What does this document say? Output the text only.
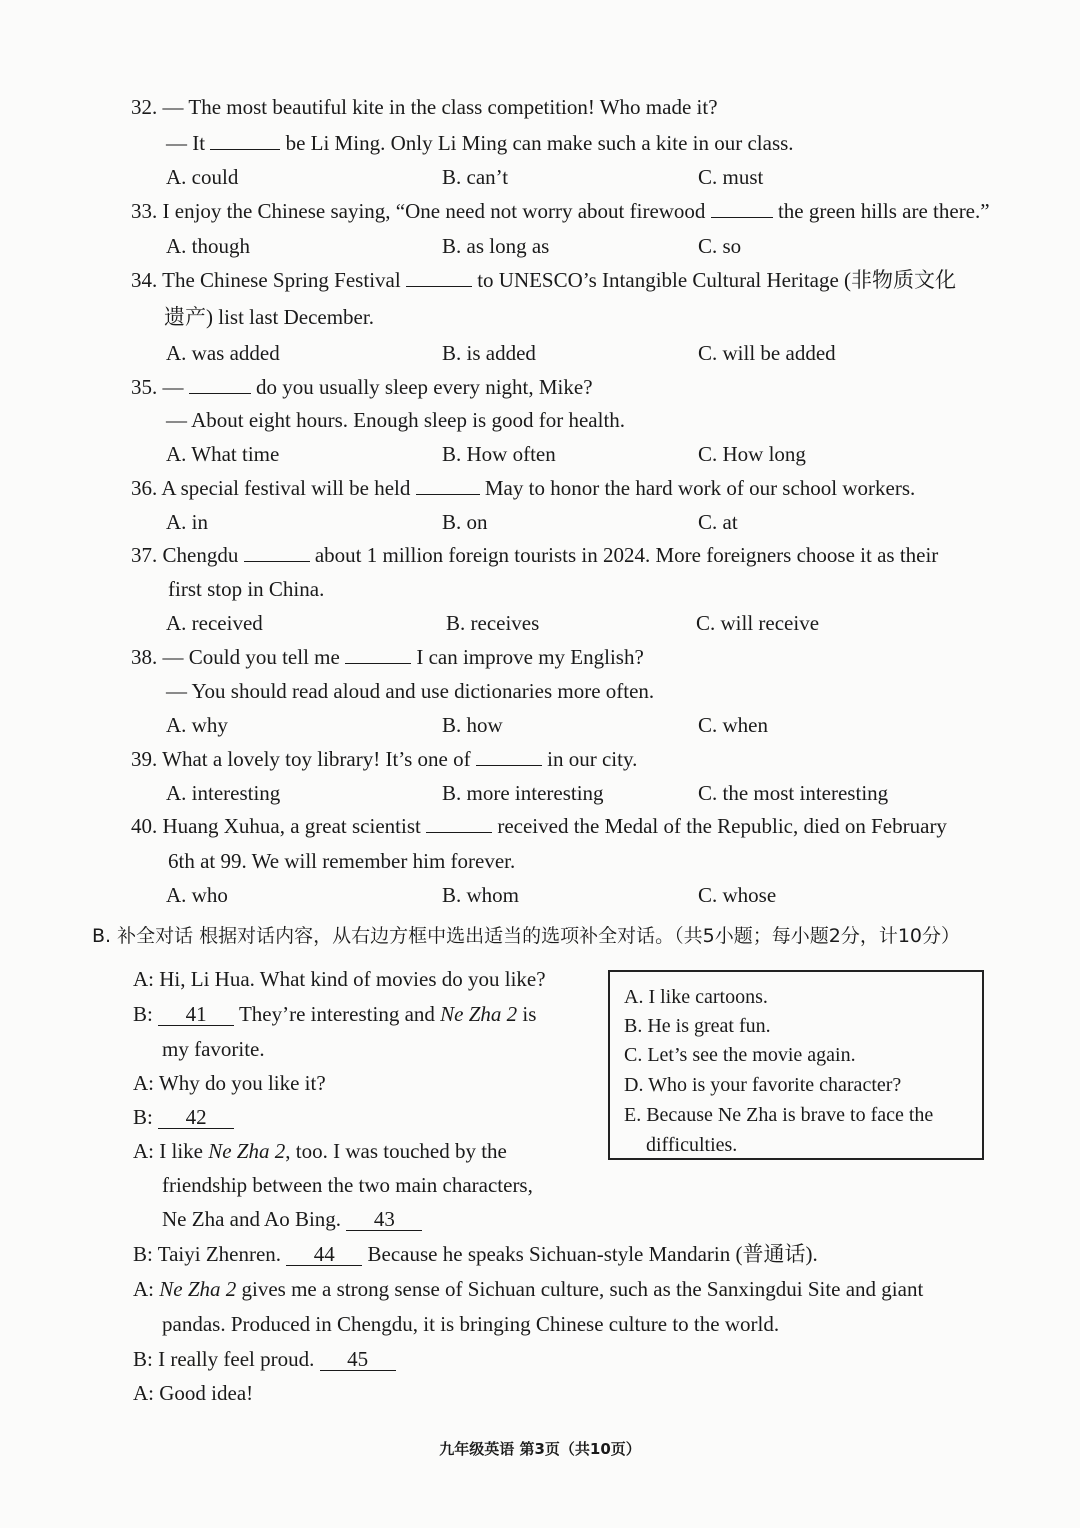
32. — The most beautiful kite in the class competition! Who made it?
— It	be Li Ming. Only Li Ming can make such a kite in our class.
A. could	B. can’t	C. must
33. I enjoy the Chinese saying, “One need not worry about firewood	the green hills are there.”
A. though	B. as long as	C. so
34. The Chinese Spring Festival	to UNESCO’s Intangible Cultural Heritage (非物质文化
遗产) list last December.
A. was added	B. is added	C. will be added
35. —	do you usually sleep every night, Mike?
— About eight hours. Enough sleep is good for health.
A. What time	B. How often	C. How long
36. A special festival will be held	May to honor the hard work of our school workers.
A. in	B. on	C. at
37. Chengdu	about 1 million foreign tourists in 2024. More foreigners choose it as their
first stop in China.
A. received	B. receives	C. will receive
38. — Could you tell me	I can improve my English?
— You should read aloud and use dictionaries more often.
A. why	B. how	C. when
39. What a lovely toy library! It’s one of	in our city.
A. interesting	B. more interesting	C. the most interesting
40. Huang Xuhua, a great scientist	received the Medal of the Republic, died on February
6th at 99. We will remember him forever.
A. who	B. whom	C. whose
B. 补全对话 根据对话内容，从右边方框中选出适当的选项补全对话。（共5小题；每小题2分，计10分）
A: Hi, Li Hua. What kind of movies do you like?
B: 41 They’re interesting and Ne Zha 2 is
my favorite.
A: Why do you like it?
B: 42
A: I like Ne Zha 2, too. I was touched by the
friendship between the two main characters,
Ne Zha and Ao Bing. 43
B: Taiyi Zhenren. 44 Because he speaks Sichuan-style Mandarin (普通话).
A: Ne Zha 2 gives me a strong sense of Sichuan culture, such as the Sanxingdui Site and giant
pandas. Produced in Chengdu, it is bringing Chinese culture to the world.
B: I really feel proud. 45
A: Good idea!
A. I like cartoons.
B. He is great fun.
C. Let’s see the movie again.
D. Who is your favorite character?
E. Because Ne Zha is brave to face the
difficulties.
九年级英语 第3页（共10页）
